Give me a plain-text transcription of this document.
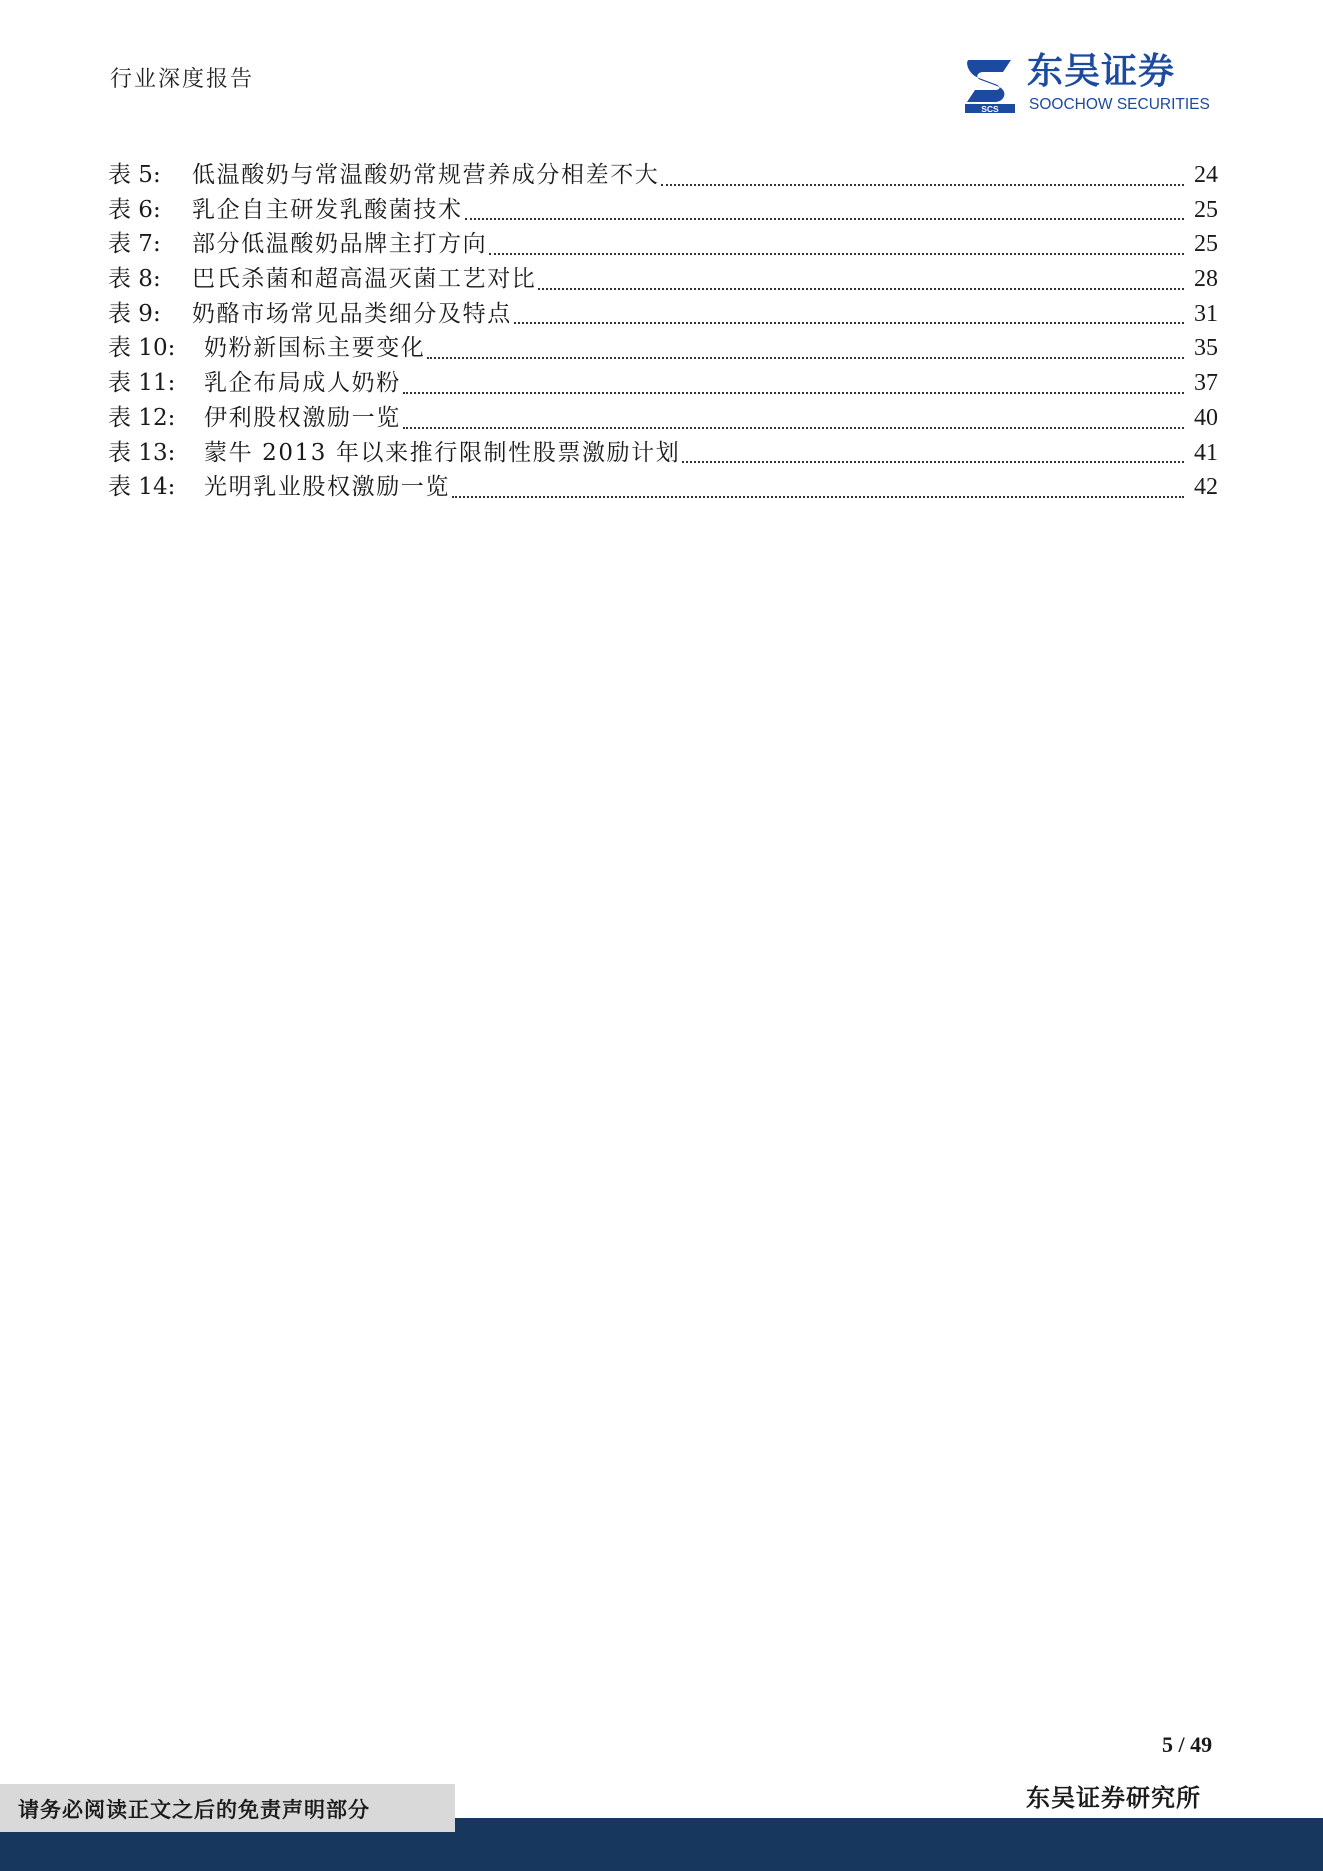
行业深度报告
SCS
东吴证券
SOOCHOW SECURITIES
表 5:	低温酸奶与常温酸奶常规营养成分相差不大	24
表 6:	乳企自主研发乳酸菌技术	25
表 7:	部分低温酸奶品牌主打方向	25
表 8:	巴氏杀菌和超高温灭菌工艺对比	28
表 9:	奶酪市场常见品类细分及特点	31
表 10:	奶粉新国标主要变化	35
表 11:	乳企布局成人奶粉	37
表 12:	伊利股权激励一览	40
表 13:	蒙牛 2013 年以来推行限制性股票激励计划	41
表 14:	光明乳业股权激励一览	42
5 / 49
东吴证券研究所
请务必阅读正文之后的免责声明部分
